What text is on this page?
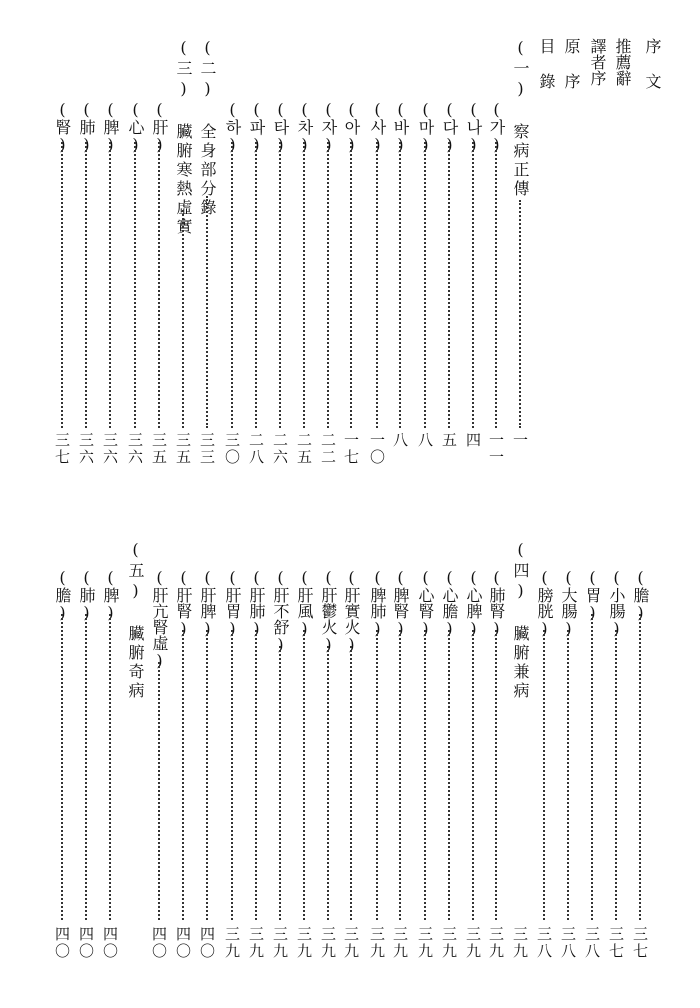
序 文
推薦辭
譯者序
原 序
目 錄
(一) 察病正傳
一
(가)
一一
(나)
四
(다)
五
(마)
八
(바)
八
(사)
一〇
(아)
一七
(자)
二二
(차)
二五
(타)
二六
(파)
二八
(하)
三〇
(二) 全身部分錄
三三
(三) 臟腑寒熱虛實
三五
(肝)
三五
(心)
三六
(脾)
三六
(肺)
三六
(腎)
三七
(膽)
三七
(小腸)
三七
(胃)
三八
(大腸)
三八
(膀胱)
三八
(四) 臟腑兼病
三九
(肺腎)
三九
(心脾)
三九
(心膽)
三九
(心腎)
三九
(脾腎)
三九
(脾肺)
三九
(肝實火)
三九
(肝鬱火)
三九
(肝風)
三九
(肝不舒)
三九
(肝肺)
三九
(肝胃)
三九
(肝脾)
四〇
(肝腎)
四〇
(肝亢腎虛)
四〇
(五) 臟腑奇病
(脾)
四〇
(肺)
四〇
(膽)
四〇
